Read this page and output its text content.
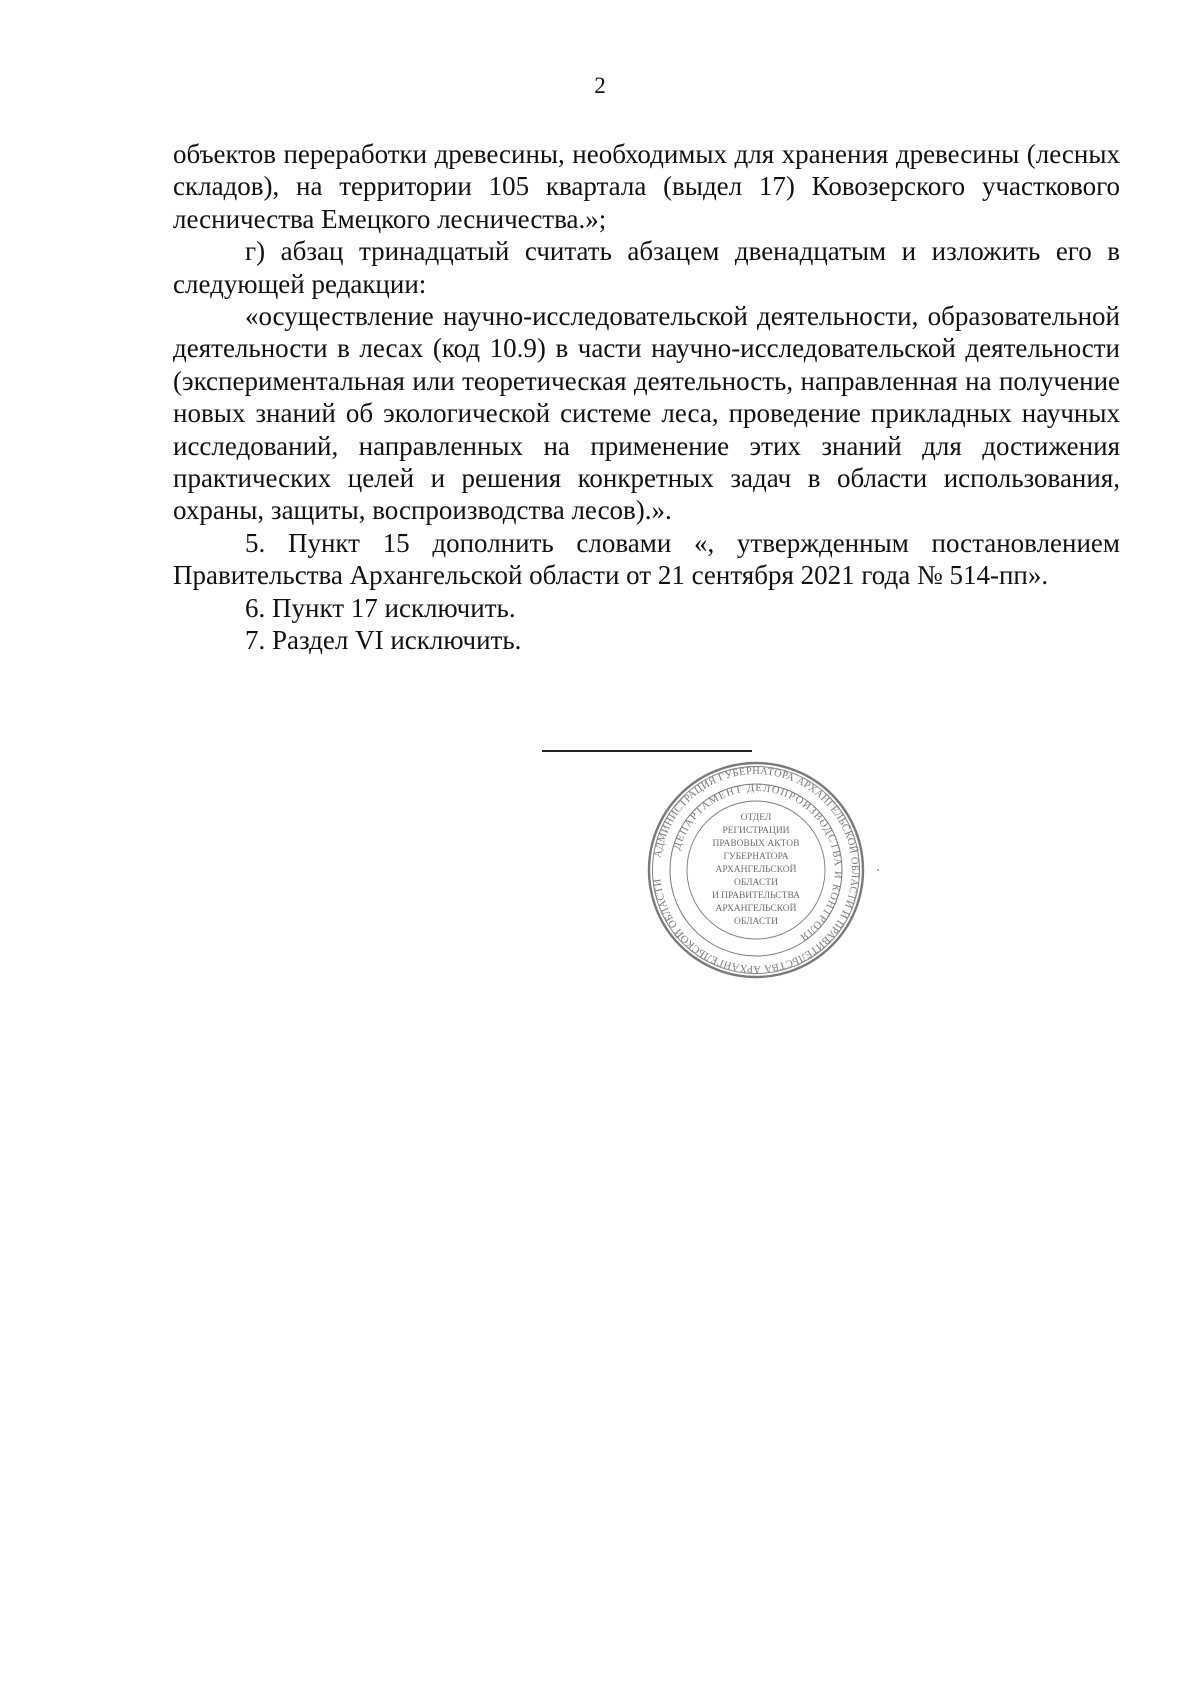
2

объектов переработки древесины, необходимых для хранения древесины (лесных складов), на территории 105 квартала (выдел 17) Ковозерского участкового лесничества Емецкого лесничества.»;

г) абзац тринадцатый считать абзацем двенадцатым и изложить его в следующей редакции:

«осуществление научно-исследовательской деятельности, образовательной деятельности в лесах (код 10.9) в части научно-исследовательской деятельности (экспериментальная или теоретическая деятельность, направленная на получение новых знаний об экологической системе леса, проведение прикладных научных исследований, направленных на применение этих знаний для достижения практических целей и решения конкретных задач в области использования, охраны, защиты, воспроизводства лесов).».

5. Пункт 15 дополнить словами «, утвержденным постановлением Правительства Архангельской области от 21 сентября 2021 года № 514-пп».

6. Пункт 17 исключить.

7. Раздел VI исключить.

АДМИНИСТРАЦИЯ ГУБЕРНАТОРА АРХАНГЕЛЬСКОЙ ОБЛАСТИ И ПРАВИТЕЛЬСТВА АРХАНГЕЛЬСКОЙ ОБЛАСТИ
ДЕПАРТАМЕНТ ДЕЛОПРОИЗВОДСТВА И КОНТРОЛЯ
ОТДЕЛ
РЕГИСТРАЦИИ
ПРАВОВЫХ АКТОВ
ГУБЕРНАТОРА
АРХАНГЕЛЬСКОЙ
ОБЛАСТИ
И ПРАВИТЕЛЬСТВА
АРХАНГЕЛЬСКОЙ
ОБЛАСТИ
